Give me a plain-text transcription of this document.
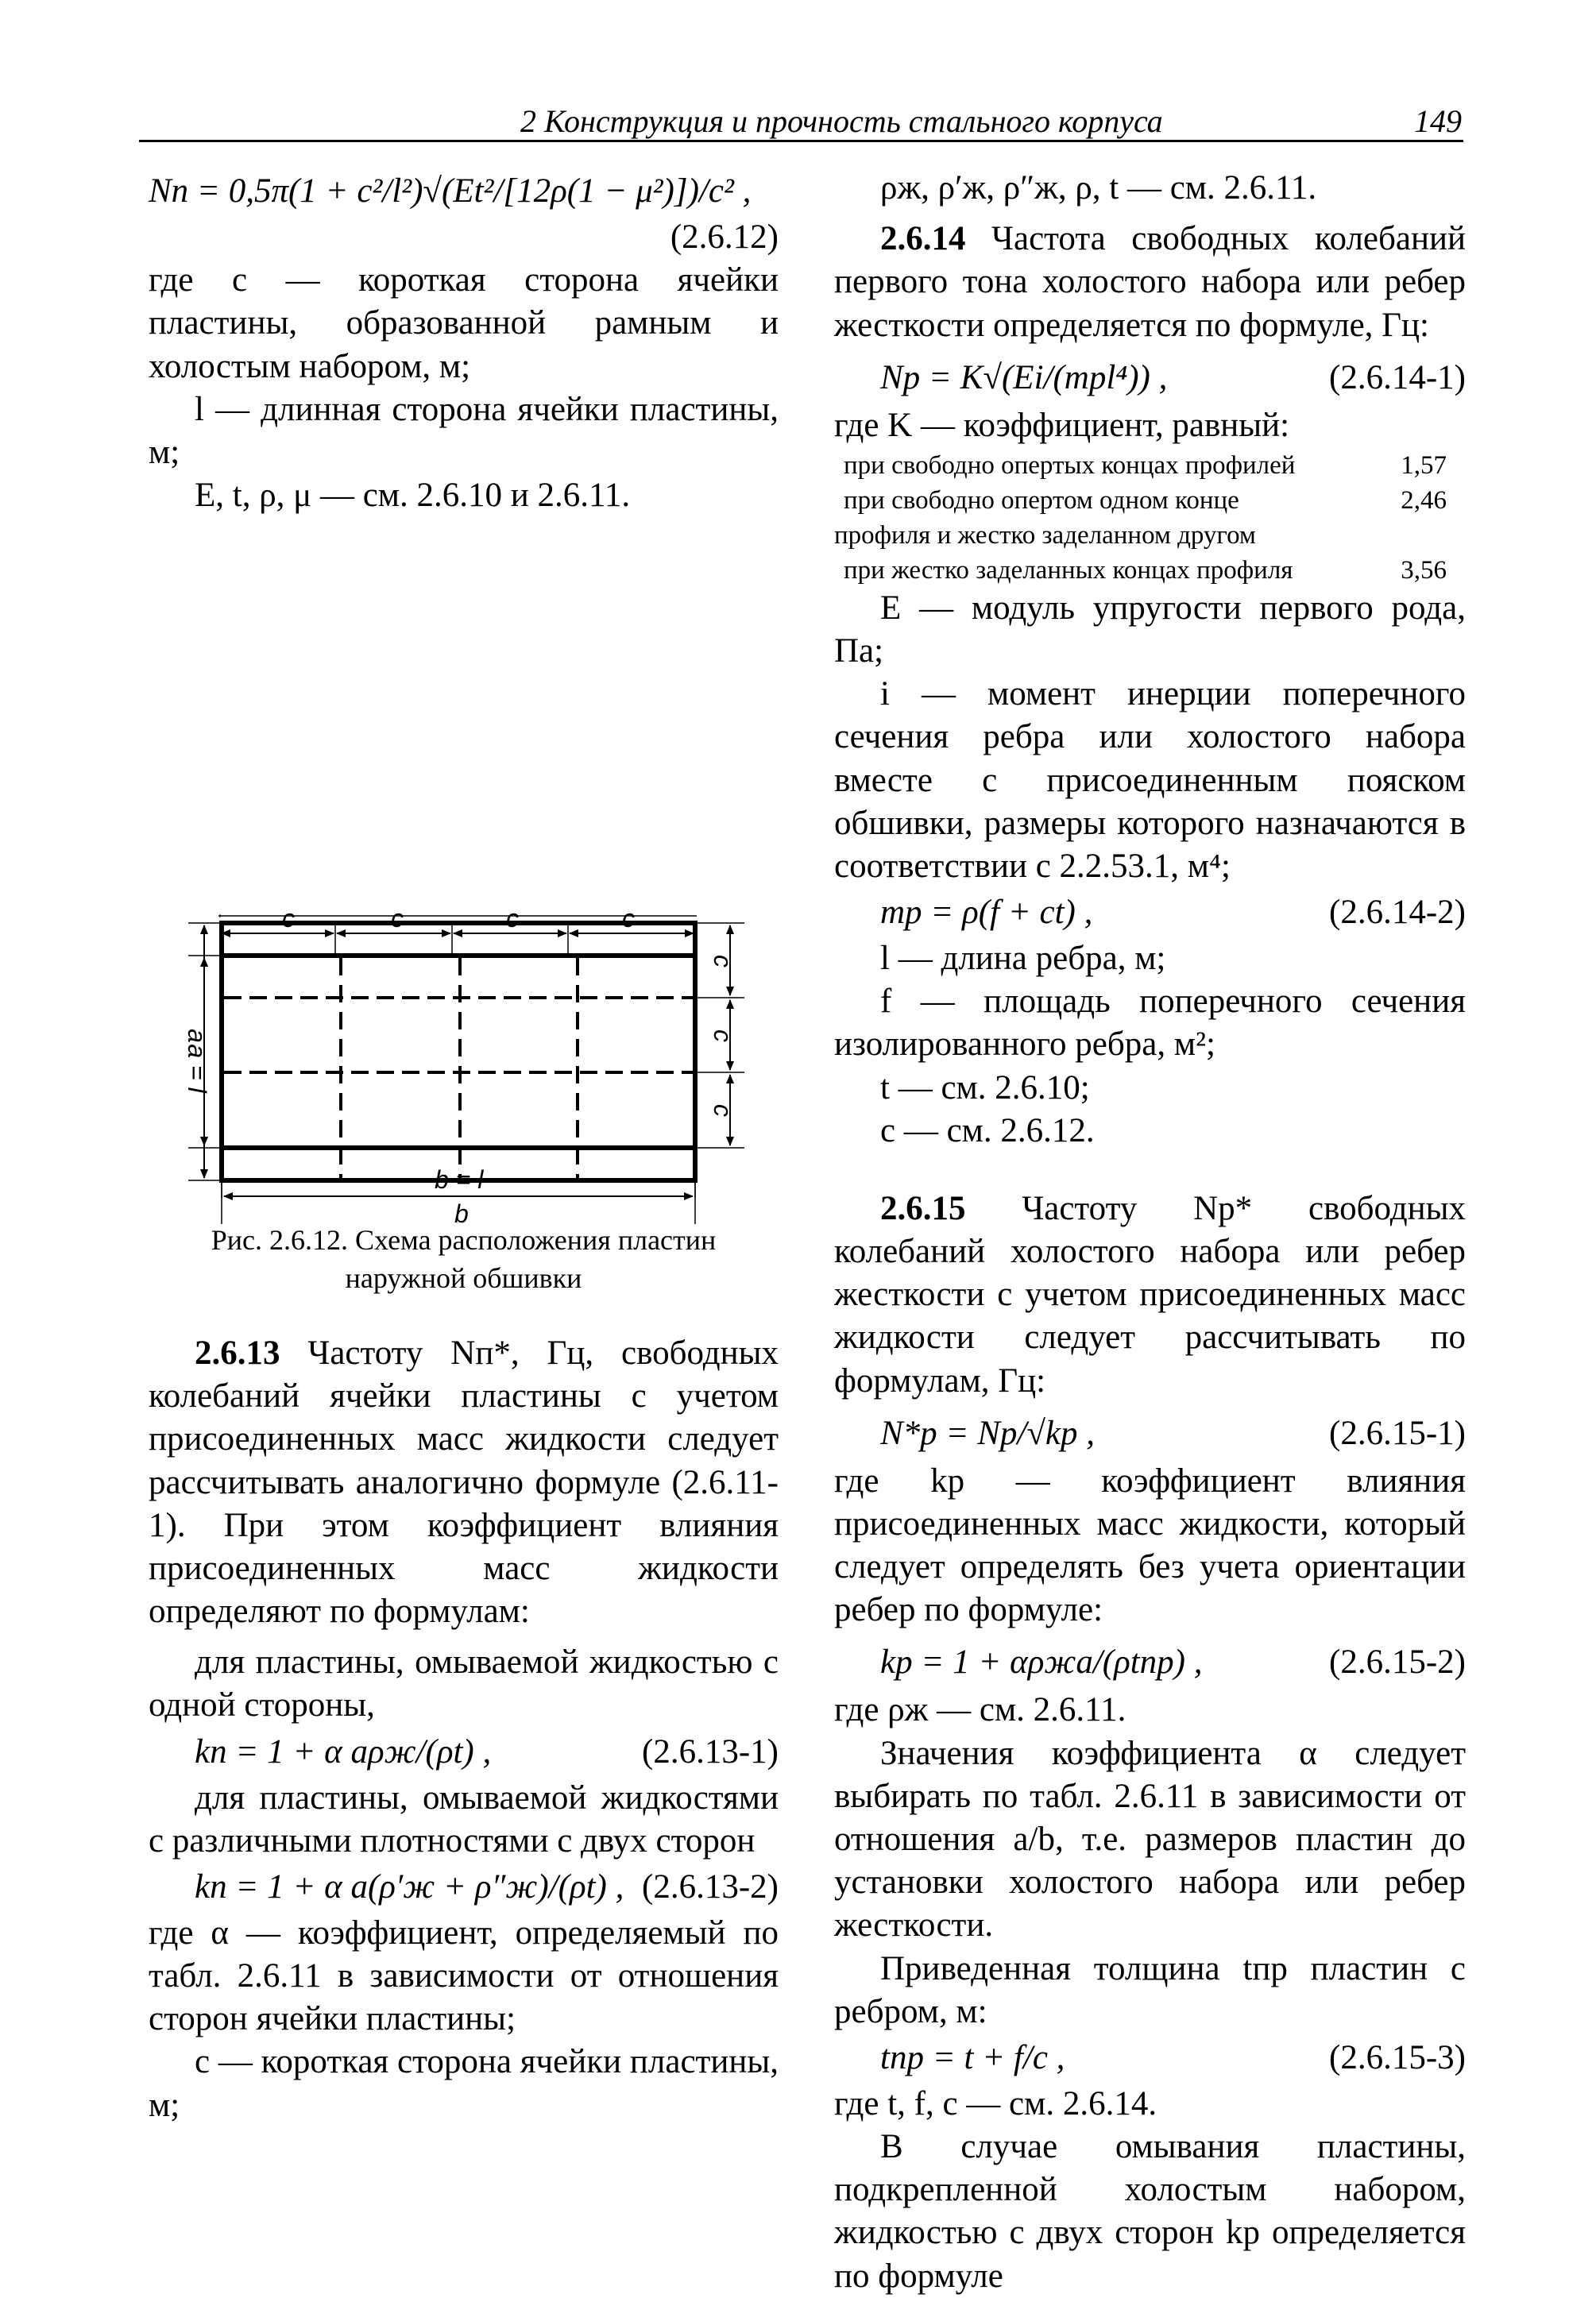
2 Конструкция и прочность стального корпуса	149
Nп = 0,5π(1 + c²/l²)√(Et²/[12ρ(1 − μ²)])/c² ,

(2.6.12)

где c — короткая сторона ячейки пластины, образованной рамным и холостым набором, м;

l — длинная сторона ячейки пластины, м;

E, t, ρ, μ — см. 2.6.10 и 2.6.11.

c	c	c	c
a = l
b
a
c
c
c
b = l

Рис. 2.6.12. Схема расположения пластин наружной обшивки

2.6.13 Частоту Nп*, Гц, свободных колебаний ячейки пластины с учетом присоединенных масс жидкости следует рассчитывать аналогично формуле (2.6.11-1). При этом коэффициент влияния присоединенных масс жидкости определяют по формулам:

для пластины, омываемой жидкостью с одной стороны,

kп = 1 + α aρж/(ρt) ,	(2.6.13-1)

для пластины, омываемой жидкостями с различными плотностями с двух сторон

kп = 1 + α a(ρ′ж + ρ″ж)/(ρt) , (2.6.13-2)

где α — коэффициент, определяемый по табл. 2.6.11 в зависимости от отношения сторон ячейки пластины;

c — короткая сторона ячейки пластины, м;

ρж, ρ′ж, ρ″ж, ρ, t — см. 2.6.11.

2.6.14 Частота свободных колебаний первого тона холостого набора или ребер жесткости определяется по формуле, Гц:

Nр = K√(Ei/(mрl⁴)) ,	(2.6.14-1)

где K — коэффициент, равный:

при свободно опертых концах профилей	1,57
при свободно опертом одном конце	2,46
профиля и жестко заделанном другом
при жестко заделанных концах профиля	3,56

E — модуль упругости первого рода, Па;

i — момент инерции поперечного сечения ребра или холостого набора вместе с присоединенным пояском обшивки, размеры которого назначаются в соответствии с 2.2.53.1, м⁴;

mр = ρ(f + ct) ,	(2.6.14-2)

l — длина ребра, м;

f — площадь поперечного сечения изолированного ребра, м²;

t — см. 2.6.10;

c — см. 2.6.12.

2.6.15 Частоту Nр* свободных колебаний холостого набора или ребер жесткости с учетом присоединенных масс жидкости следует рассчитывать по формулам, Гц:

N*р = Nр/√kр ,	(2.6.15-1)

где kр — коэффициент влияния присоединенных масс жидкости, который следует определять без учета ориентации ребер по формуле:

kр = 1 + αρжa/(ρtпр) ,	(2.6.15-2)

где ρж — см. 2.6.11.

Значения коэффициента α следует выбирать по табл. 2.6.11 в зависимости от отношения a/b, т.е. размеров пластин до установки холостого набора или ребер жесткости.

Приведенная толщина tпр пластин с ребром, м:

tпр = t + f/c ,	(2.6.15-3)

где t, f, c — см. 2.6.14.

В случае омывания пластины, подкрепленной холостым набором, жидкостью с двух сторон kр определяется по формуле
